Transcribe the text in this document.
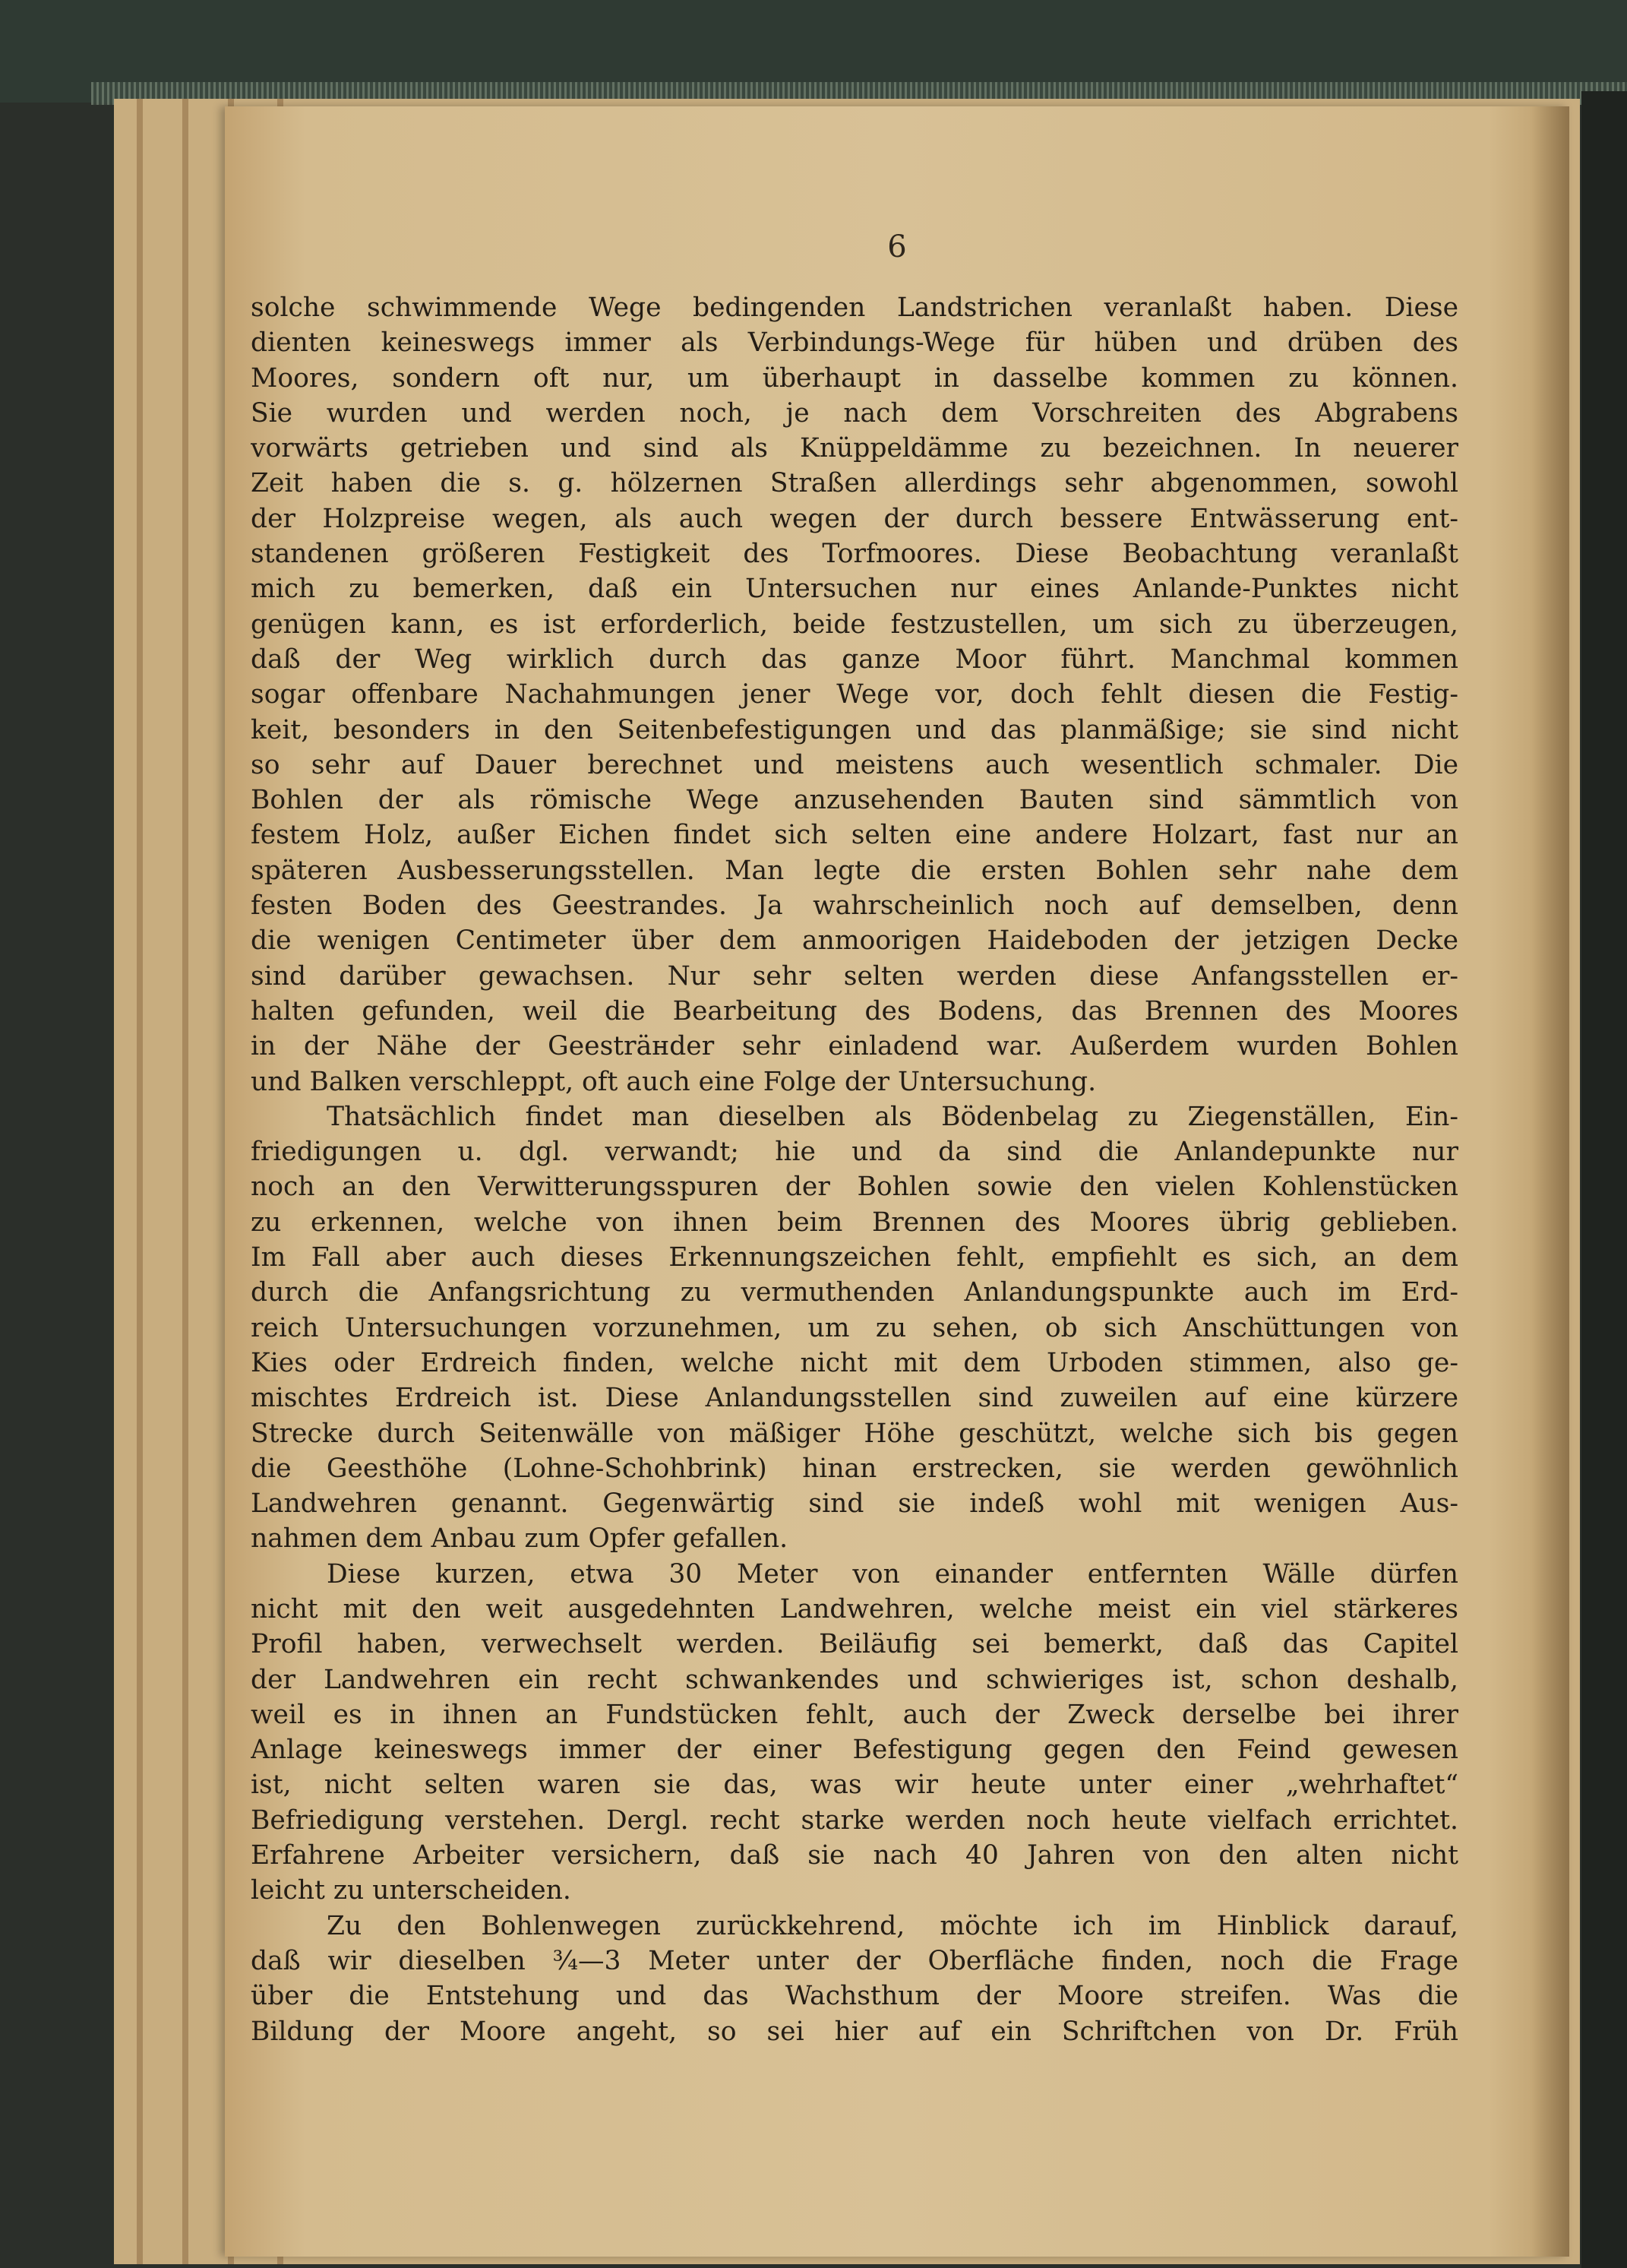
6
solche schwimmende Wege bedingenden Landstrichen veranlaßt haben. Diese
dienten keineswegs immer als Verbindungs-Wege für hüben und drüben des
Moores, sondern oft nur, um überhaupt in dasselbe kommen zu können.
Sie wurden und werden noch, je nach dem Vorschreiten des Abgrabens
vorwärts getrieben und sind als Knüppeldämme zu bezeichnen. In neuerer
Zeit haben die s. g. hölzernen Straßen allerdings sehr abgenommen, sowohl
der Holzpreise wegen, als auch wegen der durch bessere Entwässerung ent-
standenen größeren Festigkeit des Torfmoores. Diese Beobachtung veranlaßt
mich zu bemerken, daß ein Untersuchen nur eines Anlande-Punktes nicht
genügen kann, es ist erforderlich, beide festzustellen, um sich zu überzeugen,
daß der Weg wirklich durch das ganze Moor führt. Manchmal kommen
sogar offenbare Nachahmungen jener Wege vor, doch fehlt diesen die Festig-
keit, besonders in den Seitenbefestigungen und das planmäßige; sie sind nicht
so sehr auf Dauer berechnet und meistens auch wesentlich schmaler. Die
Bohlen der als römische Wege anzusehenden Bauten sind sämmtlich von
festem Holz, außer Eichen findet sich selten eine andere Holzart, fast nur an
späteren Ausbesserungsstellen. Man legte die ersten Bohlen sehr nahe dem
festen Boden des Geestrandes. Ja wahrscheinlich noch auf demselben, denn
die wenigen Centimeter über dem anmoorigen Haideboden der jetzigen Decke
sind darüber gewachsen. Nur sehr selten werden diese Anfangsstellen er-
halten gefunden, weil die Bearbeitung des Bodens, das Brennen des Moores
in der Nähe der Geesträнder sehr einladend war. Außerdem wurden Bohlen
und Balken verschleppt, oft auch eine Folge der Untersuchung.
Thatsächlich findet man dieselben als Bödenbelag zu Ziegenställen, Ein-
friedigungen u. dgl. verwandt; hie und da sind die Anlandepunkte nur
noch an den Verwitterungsspuren der Bohlen sowie den vielen Kohlenstücken
zu erkennen, welche von ihnen beim Brennen des Moores übrig geblieben.
Im Fall aber auch dieses Erkennungszeichen fehlt, empfiehlt es sich, an dem
durch die Anfangsrichtung zu vermuthenden Anlandungspunkte auch im Erd-
reich Untersuchungen vorzunehmen, um zu sehen, ob sich Anschüttungen von
Kies oder Erdreich finden, welche nicht mit dem Urboden stimmen, also ge-
mischtes Erdreich ist. Diese Anlandungsstellen sind zuweilen auf eine kürzere
Strecke durch Seitenwälle von mäßiger Höhe geschützt, welche sich bis gegen
die Geesthöhe (Lohne-Schohbrink) hinan erstrecken, sie werden gewöhnlich
Landwehren genannt. Gegenwärtig sind sie indeß wohl mit wenigen Aus-
nahmen dem Anbau zum Opfer gefallen.
Diese kurzen, etwa 30 Meter von einander entfernten Wälle dürfen
nicht mit den weit ausgedehnten Landwehren, welche meist ein viel stärkeres
Profil haben, verwechselt werden. Beiläufig sei bemerkt, daß das Capitel
der Landwehren ein recht schwankendes und schwieriges ist, schon deshalb,
weil es in ihnen an Fundstücken fehlt, auch der Zweck derselbe bei ihrer
Anlage keineswegs immer der einer Befestigung gegen den Feind gewesen
ist, nicht selten waren sie das, was wir heute unter einer „wehrhaftet“
Befriedigung verstehen. Dergl. recht starke werden noch heute vielfach errichtet.
Erfahrene Arbeiter versichern, daß sie nach 40 Jahren von den alten nicht
leicht zu unterscheiden.
Zu den Bohlenwegen zurückkehrend, möchte ich im Hinblick darauf,
daß wir dieselben ¾—3 Meter unter der Oberfläche finden, noch die Frage
über die Entstehung und das Wachsthum der Moore streifen. Was die
Bildung der Moore angeht, so sei hier auf ein Schriftchen von Dr. Früh
